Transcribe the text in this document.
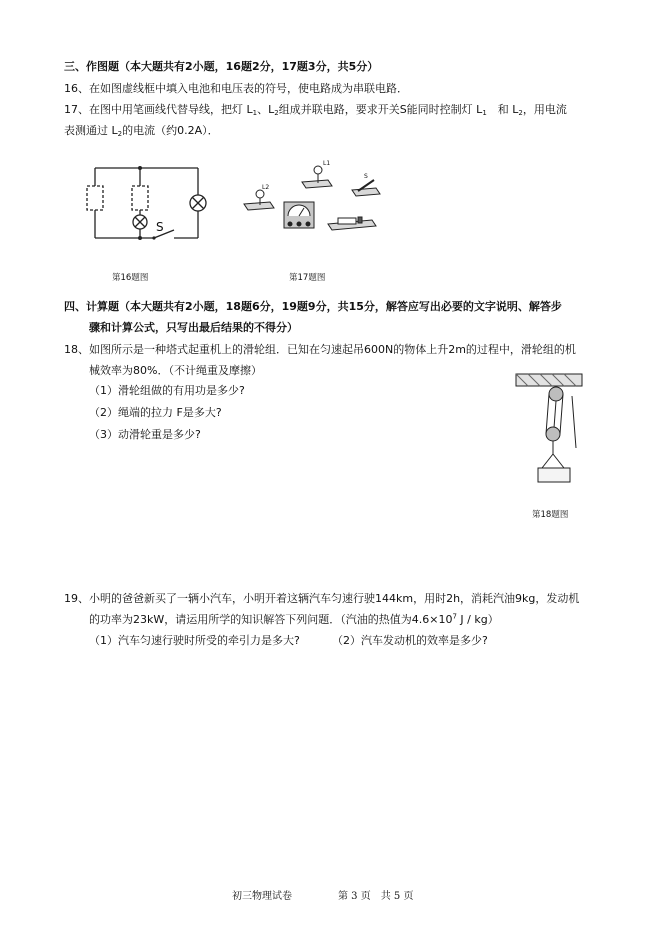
三、作图题（本大题共有2小题，16题2分，17题3分，共5分）
16、在如图虚线框中填入电池和电压表的符号，使电路成为串联电路．
17、在图中用笔画线代替导线，把灯 $L_1$、$L_2$组成并联电路，要求开关S能同时控制灯 $L_1$　和 $L_2$，用电流
表测通过 $L_2$的电流（约0.2A）．
S
第16题图
L1
L2
S
第17题图
四、计算题（本大题共有2小题，18题6分，19题9分，共15分，解答应写出必要的文字说明、解答步
骤和计算公式，只写出最后结果的不得分）
18、如图所示是一种塔式起重机上的滑轮组．已知在匀速起吊600N的物体上升2m的过程中，滑轮组的机
械效率为80%．（不计绳重及摩擦）
（1）滑轮组做的有用功是多少?
（2）绳端的拉力 F是多大?
（3）动滑轮重是多少?
第18题图
19、小明的爸爸新买了一辆小汽车，小明开着这辆汽车匀速行驶144km，用时2h，消耗汽油9kg，发动机
的功率为23kW，请运用所学的知识解答下列问题．（汽油的热值为$4.6\times 10^7$ J / kg）
（1）汽车匀速行驶时所受的牵引力是多大?	（2）汽车发动机的效率是多少?
初三物理试卷	第 3 页　共 5 页
